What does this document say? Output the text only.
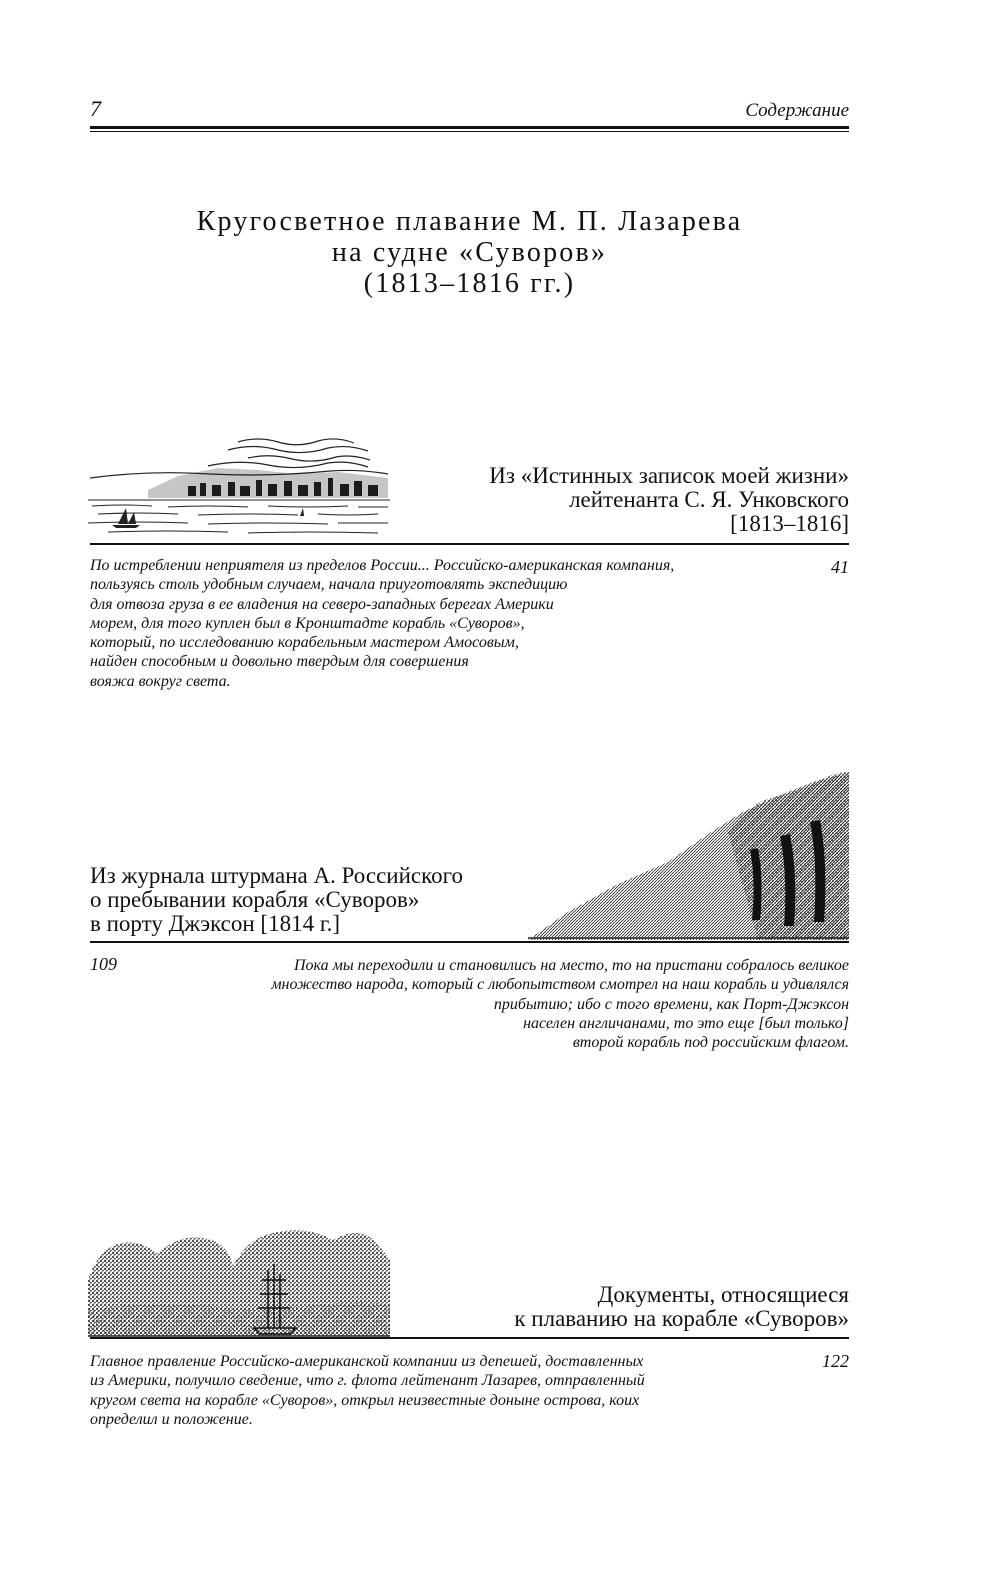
7	Содержание
Кругосветное плавание М. П. Лазарева
на судне «Суворов»
(1813–1816 гг.)
Из «Истинных записок моей жизни»
лейтенанта С. Я. Унковского
[1813–1816]
По истреблении неприятеля из пределов России... Российско-американская компания,
пользуясь столь удобным случаем, начала приуготовлять экспедицию
для отвоза груза в ее владения на северо-западных берегах Америки
морем, для того куплен был в Кронштадте корабль «Суворов»,
который, по исследованию корабельным мастером Амосовым,
найден способным и довольно твердым для совершения
вояжа вокруг света.
41
Из журнала штурмана А. Российского
о пребывании корабля «Суворов»
в порту Джэксон [1814 г.]
109	Пока мы переходили и становились на место, то на пристани собралось великое
множество народа, который с любопытством смотрел на наш корабль и удивлялся
прибытию; ибо с того времени, как Порт-Джэксон
населен англичанами, то это еще [был только]
второй корабль под российским флагом.
Документы, относящиеся
к плаванию на корабле «Суворов»
Главное правление Российско-американской компании из депешей, доставленных
из Америки, получило сведение, что г. флота лейтенант Лазарев, отправленный
кругом света на корабле «Суворов», открыл неизвестные доныне острова, коих
определил и положение.
122
